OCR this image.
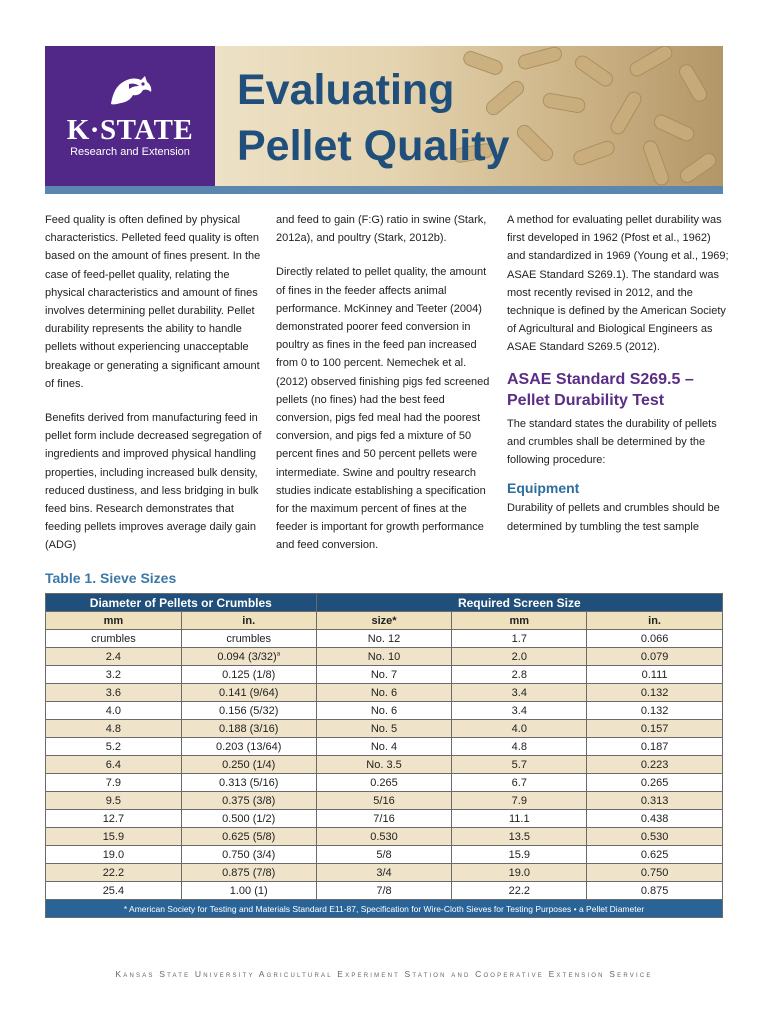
K·STATE
Research and Extension
Evaluating
Pellet Quality

Feed quality is often defined by physical characteristics. Pelleted feed quality is often based on the amount of fines present. In the case of feed-pellet quality, relating the physical characteristics and amount of fines involves determining pellet durability. Pellet durability represents the ability to handle pellets without experiencing unacceptable breakage or generating a significant amount of fines.

Benefits derived from manufacturing feed in pellet form include decreased segregation of ingredients and improved physical handling properties, including increased bulk density, reduced dustiness, and less bridging in bulk feed bins. Research demonstrates that feeding pellets improves average daily gain (ADG)

and feed to gain (F:G) ratio in swine (Stark, 2012a), and poultry (Stark, 2012b).

Directly related to pellet quality, the amount of fines in the feeder affects animal performance. McKinney and Teeter (2004) demonstrated poorer feed conversion in poultry as fines in the feed pan increased from 0 to 100 percent. Nemechek et al. (2012) observed finishing pigs fed screened pellets (no fines) had the best feed conversion, pigs fed meal had the poorest conversion, and pigs fed a mixture of 50 percent fines and 50 percent pellets were intermediate. Swine and poultry research studies indicate establishing a specification for the maximum percent of fines at the feeder is important for growth performance and feed conversion.

A method for evaluating pellet durability was first developed in 1962 (Pfost et al., 1962) and standardized in 1969 (Young et al., 1969; ASAE Standard S269.1). The standard was most recently revised in 2012, and the technique is defined by the American Society of Agricultural and Biological Engineers as ASAE Standard S269.5 (2012).

ASAE Standard S269.5 – Pellet Durability Test

The standard states the durability of pellets and crumbles shall be determined by the following procedure:

Equipment

Durability of pellets and crumbles should be determined by tumbling the test sample

Table 1. Sieve Sizes
Diameter of Pellets or Crumbles		Required Screen Size		
mm	in.	size*	mm	in.
crumbles	crumbles	No. 12	1.7	0.066
2.4	0.094 $(3/32)^a$	No. 10	2.0	0.079
3.2	0.125 (1/8)	No. 7	2.8	0.111
3.6	0.141 (9/64)	No. 6	3.4	0.132
4.0	0.156 (5/32)	No. 6	3.4	0.132
4.8	0.188 (3/16)	No. 5	4.0	0.157
5.2	0.203 (13/64)	No. 4	4.8	0.187
6.4	0.250 (1/4)	No. 3.5	5.7	0.223
7.9	0.313 (5/16)	0.265	6.7	0.265
9.5	0.375 (3/8)	5/16	7.9	0.313
12.7	0.500 (1/2)	7/16	11.1	0.438
15.9	0.625 (5/8)	0.530	13.5	0.530
19.0	0.750 (3/4)	5/8	15.9	0.625
22.2	0.875 (7/8)	3/4	19.0	0.750
25.4	1.00 (1)	7/8	22.2	0.875
* American Society for Testing and Materials Standard E11-87, Specification for Wire-Cloth Sieves for Testing Purposes • a Pellet Diameter				
Kansas State University Agricultural Experiment Station and Cooperative Extension Service
